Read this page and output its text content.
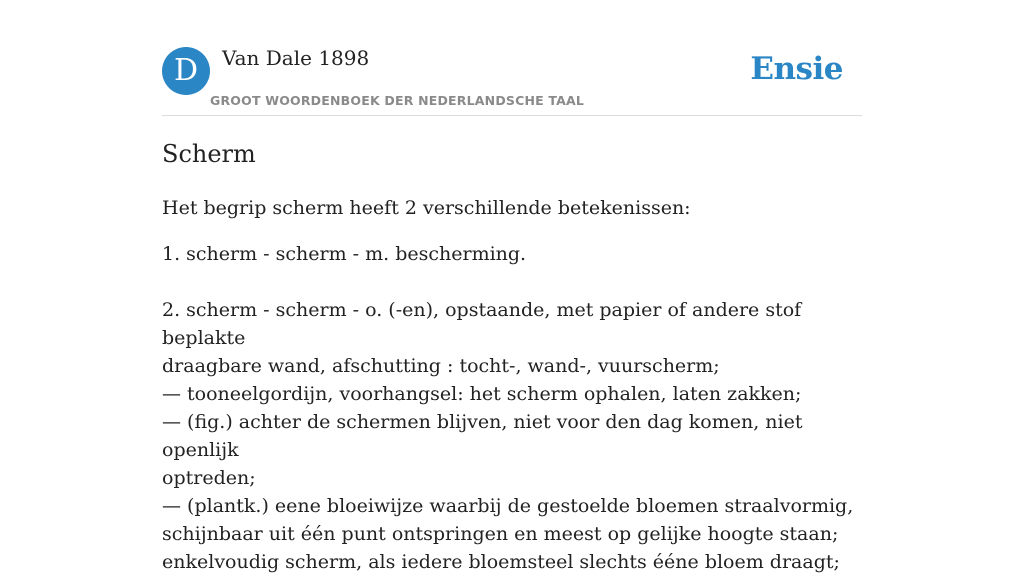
D	Van Dale 1898
GROOT WOORDENBOEK DER NEDERLANDSCHE TAAL
Ensie
Scherm
Het begrip scherm heeft 2 verschillende betekenissen:

1. scherm - scherm - m. bescherming.

2. scherm - scherm - o. (-en), opstaande, met papier of andere stof beplakte

draagbare wand, afschutting : tocht-, wand-, vuurscherm;

— tooneelgordijn, voorhangsel: het scherm ophalen, laten zakken;

— (fig.) achter de schermen blijven, niet voor den dag komen, niet openlijk

optreden;

— (plantk.) eene bloeiwijze waarbij de gestoelde bloemen straalvormig,

schijnbaar uit één punt ontspringen en meest op gelijke hoogte staan;

enkelvoudig scherm, als iedere bloemsteel slechts ééne bloem draagt;
